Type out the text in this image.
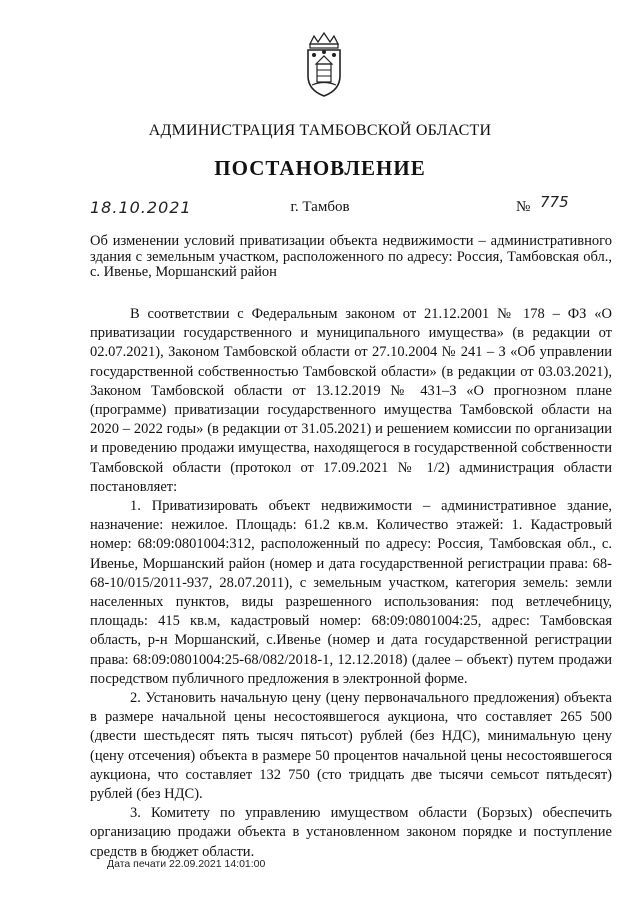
АДМИНИСТРАЦИЯ ТАМБОВСКОЙ ОБЛАСТИ
ПОСТАНОВЛЕНИЕ
18.10.2021	г. Тамбов	№ 775
Об изменении условий приватизации объекта недвижимости – административного здания с земельным участком, расположенного по адресу: Россия, Тамбовская обл., с. Ивенье, Моршанский район

В соответствии с Федеральным законом от 21.12.2001 № 178 – ФЗ «О приватизации государственного и муниципального имущества» (в редакции от 02.07.2021), Законом Тамбовской области от 27.10.2004 № 241 – З «Об управлении государственной собственностью Тамбовской области» (в редакции от 03.03.2021), Законом Тамбовской области от 13.12.2019 № 431–З «О прогнозном плане (программе) приватизации государственного имущества Тамбовской области на 2020 – 2022 годы» (в редакции от 31.05.2021) и решением комиссии по организации и проведению продажи имущества, находящегося в государственной собственности Тамбовской области (протокол от 17.09.2021 № 1/2) администрация области постановляет:

1. Приватизировать объект недвижимости – административное здание, назначение: нежилое. Площадь: 61.2 кв.м. Количество этажей: 1. Кадастровый номер: 68:09:0801004:312, расположенный по адресу: Россия, Тамбовская обл., с. Ивенье, Моршанский район (номер и дата государственной регистрации права: 68-68-10/015/2011-937, 28.07.2011), с земельным участком, категория земель: земли населенных пунктов, виды разрешенного использования: под ветлечебницу, площадь: 415 кв.м, кадастровый номер: 68:09:0801004:25, адрес: Тамбовская область, р-н Моршанский, с.Ивенье (номер и дата государственной регистрации права: 68:09:0801004:25-68/082/2018-1, 12.12.2018) (далее – объект) путем продажи посредством публичного предложения в электронной форме.

2. Установить начальную цену (цену первоначального предложения) объекта в размере начальной цены несостоявшегося аукциона, что составляет 265 500 (двести шестьдесят пять тысяч пятьсот) рублей (без НДС), минимальную цену (цену отсечения) объекта в размере 50 процентов начальной цены несостоявшегося аукциона, что составляет 132 750 (сто тридцать две тысячи семьсот пятьдесят) рублей (без НДС).

3. Комитету по управлению имуществом области (Борзых) обеспечить организацию продажи объекта в установленном законом порядке и поступление средств в бюджет области.

Дата печати 22.09.2021 14:01:00
